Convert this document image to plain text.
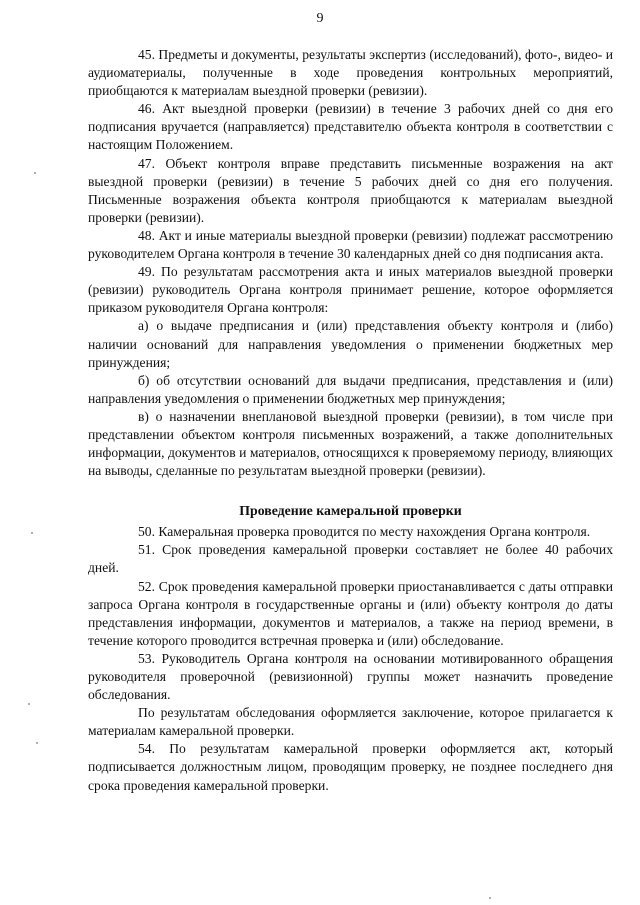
9

45. Предметы и документы, результаты экспертиз (исследований), фото-, видео- и аудиоматериалы, полученные в ходе проведения контрольных мероприятий, приобщаются к материалам выездной проверки (ревизии).

46. Акт выездной проверки (ревизии) в течение 3 рабочих дней со дня его подписания вручается (направляется) представителю объекта контроля в соответствии с настоящим Положением.

47. Объект контроля вправе представить письменные возражения на акт выездной проверки (ревизии) в течение 5 рабочих дней со дня его получения. Письменные возражения объекта контроля приобщаются к материалам выездной проверки (ревизии).

48. Акт и иные материалы выездной проверки (ревизии) подлежат рассмотрению руководителем Органа контроля в течение 30 календарных дней со дня подписания акта.

49. По результатам рассмотрения акта и иных материалов выездной проверки (ревизии) руководитель Органа контроля принимает решение, которое оформляется приказом руководителя Органа контроля:

а) о выдаче предписания и (или) представления объекту контроля и (либо) наличии оснований для направления уведомления о применении бюджетных мер принуждения;

б) об отсутствии оснований для выдачи предписания, представления и (или) направления уведомления о применении бюджетных мер принуждения;

в) о назначении внеплановой выездной проверки (ревизии), в том числе при представлении объектом контроля письменных возражений, а также дополнительных информации, документов и материалов, относящихся к проверяемому периоду, влияющих на выводы, сделанные по результатам выездной проверки (ревизии).

Проведение камеральной проверки

50. Камеральная проверка проводится по месту нахождения Органа контроля.

51. Срок проведения камеральной проверки составляет не более 40 рабочих дней.

52. Срок проведения камеральной проверки приостанавливается с даты отправки запроса Органа контроля в государственные органы и (или) объекту контроля до даты представления информации, документов и материалов, а также на период времени, в течение которого проводится встречная проверка и (или) обследование.

53. Руководитель Органа контроля на основании мотивированного обращения руководителя проверочной (ревизионной) группы может назначить проведение обследования.

По результатам обследования оформляется заключение, которое прилагается к материалам камеральной проверки.

54. По результатам камеральной проверки оформляется акт, который подписывается должностным лицом, проводящим проверку, не позднее последнего дня срока проведения камеральной проверки.
